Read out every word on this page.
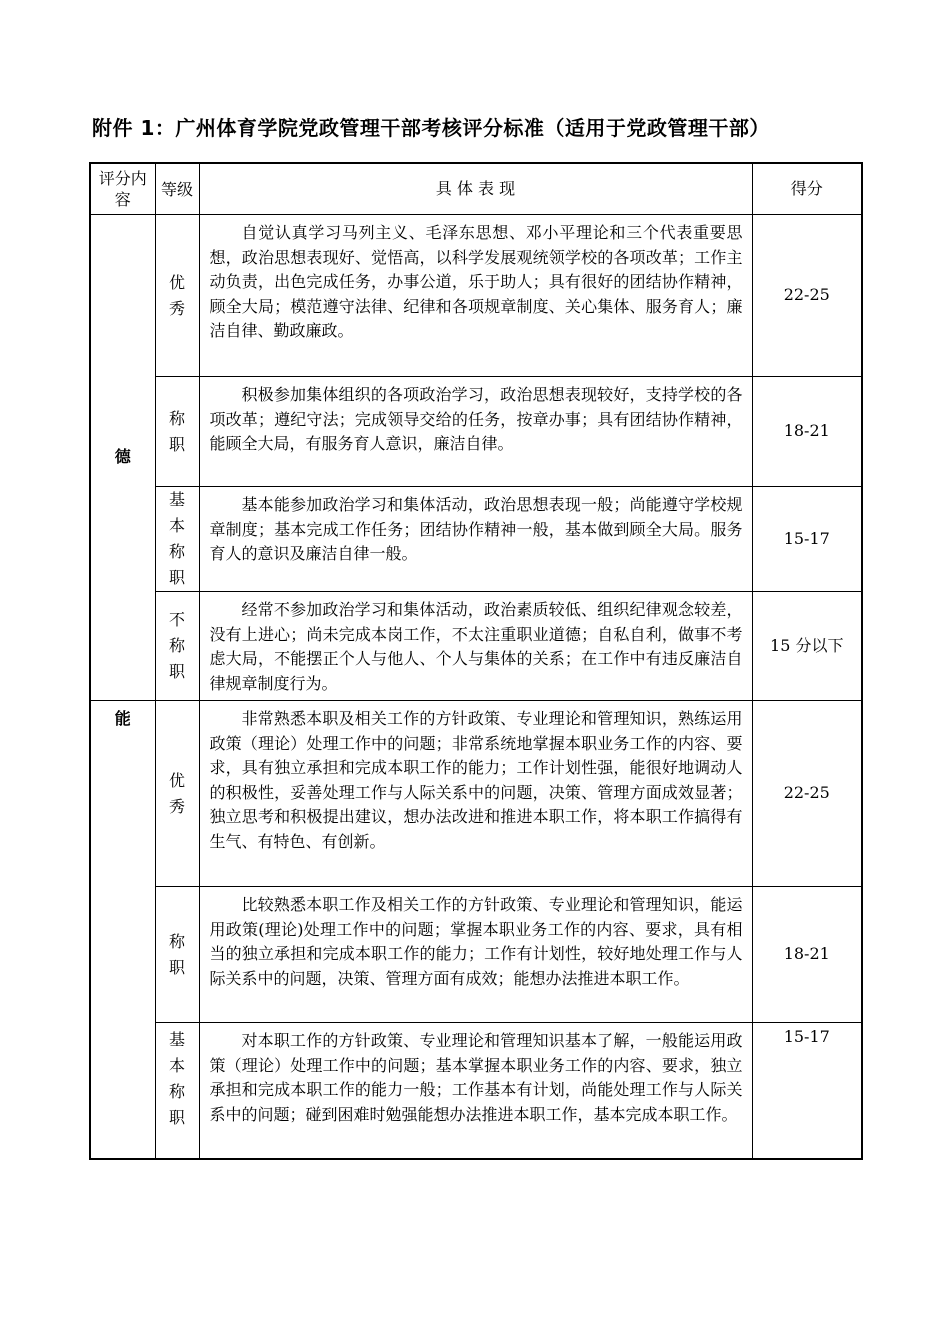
附件 1：广州体育学院党政管理干部考核评分标准（适用于党政管理干部）
评分内容	等级	具 体 表 现	得分
德	优秀	自觉认真学习马列主义、毛泽东思想、邓小平理论和三个代表重要思想，政治思想表现好、觉悟高，以科学发展观统领学校的各项改革；工作主动负责，出色完成任务，办事公道，乐于助人；具有很好的团结协作精神，顾全大局；模范遵守法律、纪律和各项规章制度、关心集体、服务育人；廉洁自律、勤政廉政。	22-25
	称职	积极参加集体组织的各项政治学习，政治思想表现较好，支持学校的各项改革；遵纪守法；完成领导交给的任务，按章办事；具有团结协作精神，能顾全大局，有服务育人意识，廉洁自律。	18-21
	基本称职	基本能参加政治学习和集体活动，政治思想表现一般；尚能遵守学校规章制度；基本完成工作任务；团结协作精神一般，基本做到顾全大局。服务育人的意识及廉洁自律一般。	15-17
	不称职	经常不参加政治学习和集体活动，政治素质较低、组织纪律观念较差，没有上进心；尚未完成本岗工作，不太注重职业道德；自私自利，做事不考虑大局，不能摆正个人与他人、个人与集体的关系；在工作中有违反廉洁自律规章制度行为。	15 分以下
能	优秀	非常熟悉本职及相关工作的方针政策、专业理论和管理知识，熟练运用政策（理论）处理工作中的问题；非常系统地掌握本职业务工作的内容、要求，具有独立承担和完成本职工作的能力；工作计划性强，能很好地调动人的积极性，妥善处理工作与人际关系中的问题，决策、管理方面成效显著；独立思考和积极提出建议，想办法改进和推进本职工作，将本职工作搞得有生气、有特色、有创新。	22-25
	称职	比较熟悉本职工作及相关工作的方针政策、专业理论和管理知识，能运用政策(理论)处理工作中的问题；掌握本职业务工作的内容、要求，具有相当的独立承担和完成本职工作的能力；工作有计划性，较好地处理工作与人际关系中的问题，决策、管理方面有成效；能想办法推进本职工作。	18-21
	基本称职	对本职工作的方针政策、专业理论和管理知识基本了解，一般能运用政策（理论）处理工作中的问题；基本掌握本职业务工作的内容、要求，独立承担和完成本职工作的能力一般；工作基本有计划，尚能处理工作与人际关系中的问题；碰到困难时勉强能想办法推进本职工作，基本完成本职工作。	15-17
